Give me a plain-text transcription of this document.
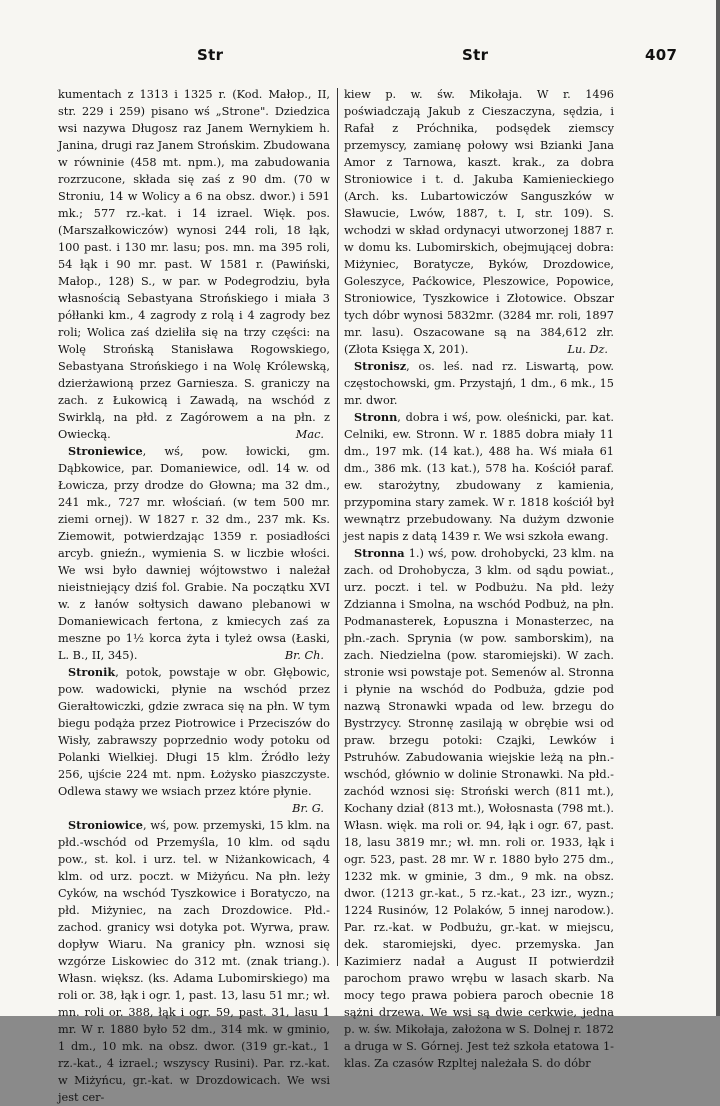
Str	Str	407

kumentach z 1313 i 1325 r. (Kod. Małop., II, str. 229 i 259) pisano wś „Strone". Dziedzica wsi nazywa Długosz raz Janem Wernykiem h. Janina, drugi raz Janem Strońskim. Zbudowana w równinie (458 mt. npm.), ma zabudowania rozrzucone, składa się zaś z 90 dm. (70 w Stroniu, 14 w Wolicy a 6 na obsz. dwor.) i 591 mk.; 577 rz.-kat. i 14 izrael. Więk. pos. (Marszałkowiczów) wynosi 244 roli, 18 łąk, 100 past. i 130 mr. lasu; pos. mn. ma 395 roli, 54 łąk i 90 mr. past. W 1581 r. (Pawiński, Małop., 128) S., w par. w Podegrodziu, była własnością Sebastyana Strońskiego i miała 3 półłanki km., 4 zagrody z rolą i 4 zagrody bez roli; Wolica zaś dzieliła się na trzy części: na Wolę Strońską Stanisława Rogowskiego, Sebastyana Strońskiego i na Wolę Królewską, dzierżawioną przez Garniesza. S. graniczy na zach. z Łukowicą i Zawadą, na wschód z Swirklą, na płd. z Zagórowem a na płn. z Owiecką.	Mac.

Stroniewice, wś, pow. łowicki, gm. Dąbkowice, par. Domaniewice, odl. 14 w. od Łowicza, przy drodze do Głowna; ma 32 dm., 241 mk., 727 mr. włościań. (w tem 500 mr. ziemi ornej). W 1827 r. 32 dm., 237 mk. Ks. Ziemowit, potwierdzając 1359 r. posiadłości arcyb. gnieźn., wymienia S. w liczbie włości. We wsi było dawniej wójtowstwo i należał nieistniejący dziś fol. Grabie. Na początku XVI w. z łanów sołtysich dawano plebanowi w Domaniewicach fertona, z kmiecych zaś za meszne po 1½ korca żyta i tyleż owsa (Łaski, L. B., II, 345).	Br. Ch.

Stronik, potok, powstaje w obr. Głębowic, pow. wadowicki, płynie na wschód przez Gierałtowiczki, gdzie zwraca się na płn. W tym biegu podąża przez Piotrowice i Przeciszów do Wisły, zabrawszy poprzednio wody potoku od Polanki Wielkiej. Długi 15 klm. Źródło leży 256, ujście 224 mt. npm. Łożysko piaszczyste. Odlewa stawy we wsiach przez które płynie.
Br. G.

Stroniowice, wś, pow. przemyski, 15 klm. na płd.-wschód od Przemyśla, 10 klm. od sądu pow., st. kol. i urz. tel. w Niżankowicach, 4 klm. od urz. poczt. w Miżyńcu. Na płn. leży Cyków, na wschód Tyszkowice i Boratyczo, na płd. Miżyniec, na zach Drozdowice. Płd.-zachod. granicy wsi dotyka pot. Wyrwa, praw. dopływ Wiaru. Na granicy płn. wznosi się wzgórze Liskowiec do 312 mt. (znak triang.). Własn. większ. (ks. Adama Lubomirskiego) ma roli or. 38, łąk i ogr. 1, past. 13, lasu 51 mr.; wł. mn. roli or. 388, łąk i ogr. 59, past. 31, lasu 1 mr. W r. 1880 było 52 dm., 314 mk. w gminio, 1 dm., 10 mk. na obsz. dwor. (319 gr.-kat., 1 rz.-kat., 4 izrael.; wszyscy Rusini). Par. rz.-kat. w Miżyńcu, gr.-kat. w Drozdowicach. We wsi jest cer-

kiew p. w. św. Mikołaja. W r. 1496 poświadczają Jakub z Cieszaczyna, sędzia, i Rafał z Próchnika, podsędek ziemscy przemyscy, zamianę połowy wsi Bzianki Jana Amor z Tarnowa, kaszt. krak., za dobra Stroniowice i t. d. Jakuba Kamienieckiego (Arch. ks. Lubartowiczów Sanguszków w Sławucie, Lwów, 1887, t. I, str. 109). S. wchodzi w skład ordynacyi utworzonej 1887 r. w domu ks. Lubomirskich, obejmującej dobra: Miżyniec, Boratycze, Byków, Drozdowice, Goleszyce, Paćkowice, Pleszowice, Popowice, Stroniowice, Tyszkowice i Złotowice. Obszar tych dóbr wynosi 5832mr. (3284 mr. roli, 1897 mr. lasu). Oszacowane są na 384,612 złr. (Złota Księga X, 201).	Lu. Dz.

Stronisz, os. leś. nad rz. Liswartą, pow. częstochowski, gm. Przystajń, 1 dm., 6 mk., 15 mr. dwor.

Stronn, dobra i wś, pow. oleśnicki, par. kat. Celniki, ew. Stronn. W r. 1885 dobra miały 11 dm., 197 mk. (14 kat.), 488 ha. Wś miała 61 dm., 386 mk. (13 kat.), 578 ha. Kościół paraf. ew. starożytny, zbudowany z kamienia, przypomina stary zamek. W r. 1818 kościół był wewnątrz przebudowany. Na dużym dzwonie jest napis z datą 1439 r. We wsi szkoła ewang.

Stronna 1.) wś, pow. drohobycki, 23 klm. na zach. od Drohobycza, 3 klm. od sądu powiat., urz. poczt. i tel. w Podbużu. Na płd. leży Zdzianna i Smolna, na wschód Podbuż, na płn. Podmanasterek, Łopuszna i Monasterzec, na płn.-zach. Sprynia (w pow. samborskim), na zach. Niedzielna (pow. staromiejski). W zach. stronie wsi powstaje pot. Semenów al. Stronna i płynie na wschód do Podbuża, gdzie pod nazwą Stronawki wpada od lew. brzegu do Bystrzycy. Stronnę zasilają w obrębie wsi od praw. brzegu potoki: Czajki, Lewków i Pstruhów. Zabudowania wiejskie leżą na płn.-wschód, głównio w dolinie Stronawki. Na płd.-zachód wznosi się: Stroński werch (811 mt.), Kochany dział (813 mt.), Wołosnasta (798 mt.). Własn. więk. ma roli or. 94, łąk i ogr. 67, past. 18, lasu 3819 mr.; wł. mn. roli or. 1933, łąk i ogr. 523, past. 28 mr. W r. 1880 było 275 dm., 1232 mk. w gminie, 3 dm., 9 mk. na obsz. dwor. (1213 gr.-kat., 5 rz.-kat., 23 izr., wyzn.; 1224 Rusinów, 12 Polaków, 5 innej narodow.). Par. rz.-kat. w Podbużu, gr.-kat. w miejscu, dek. staromiejski, dyec. przemyska. Jan Kazimierz nadał a August II potwierdził parochom prawo wrębu w lasach skarb. Na mocy tego prawa pobiera paroch obecnie 18 sążni drzewa. We wsi są dwie cerkwie, jedna p. w. św. Mikołaja, założona w S. Dolnej r. 1872 a druga w S. Górnej. Jest też szkoła etatowa 1-klas. Za czasów Rzpltej należała S. do dóbr
